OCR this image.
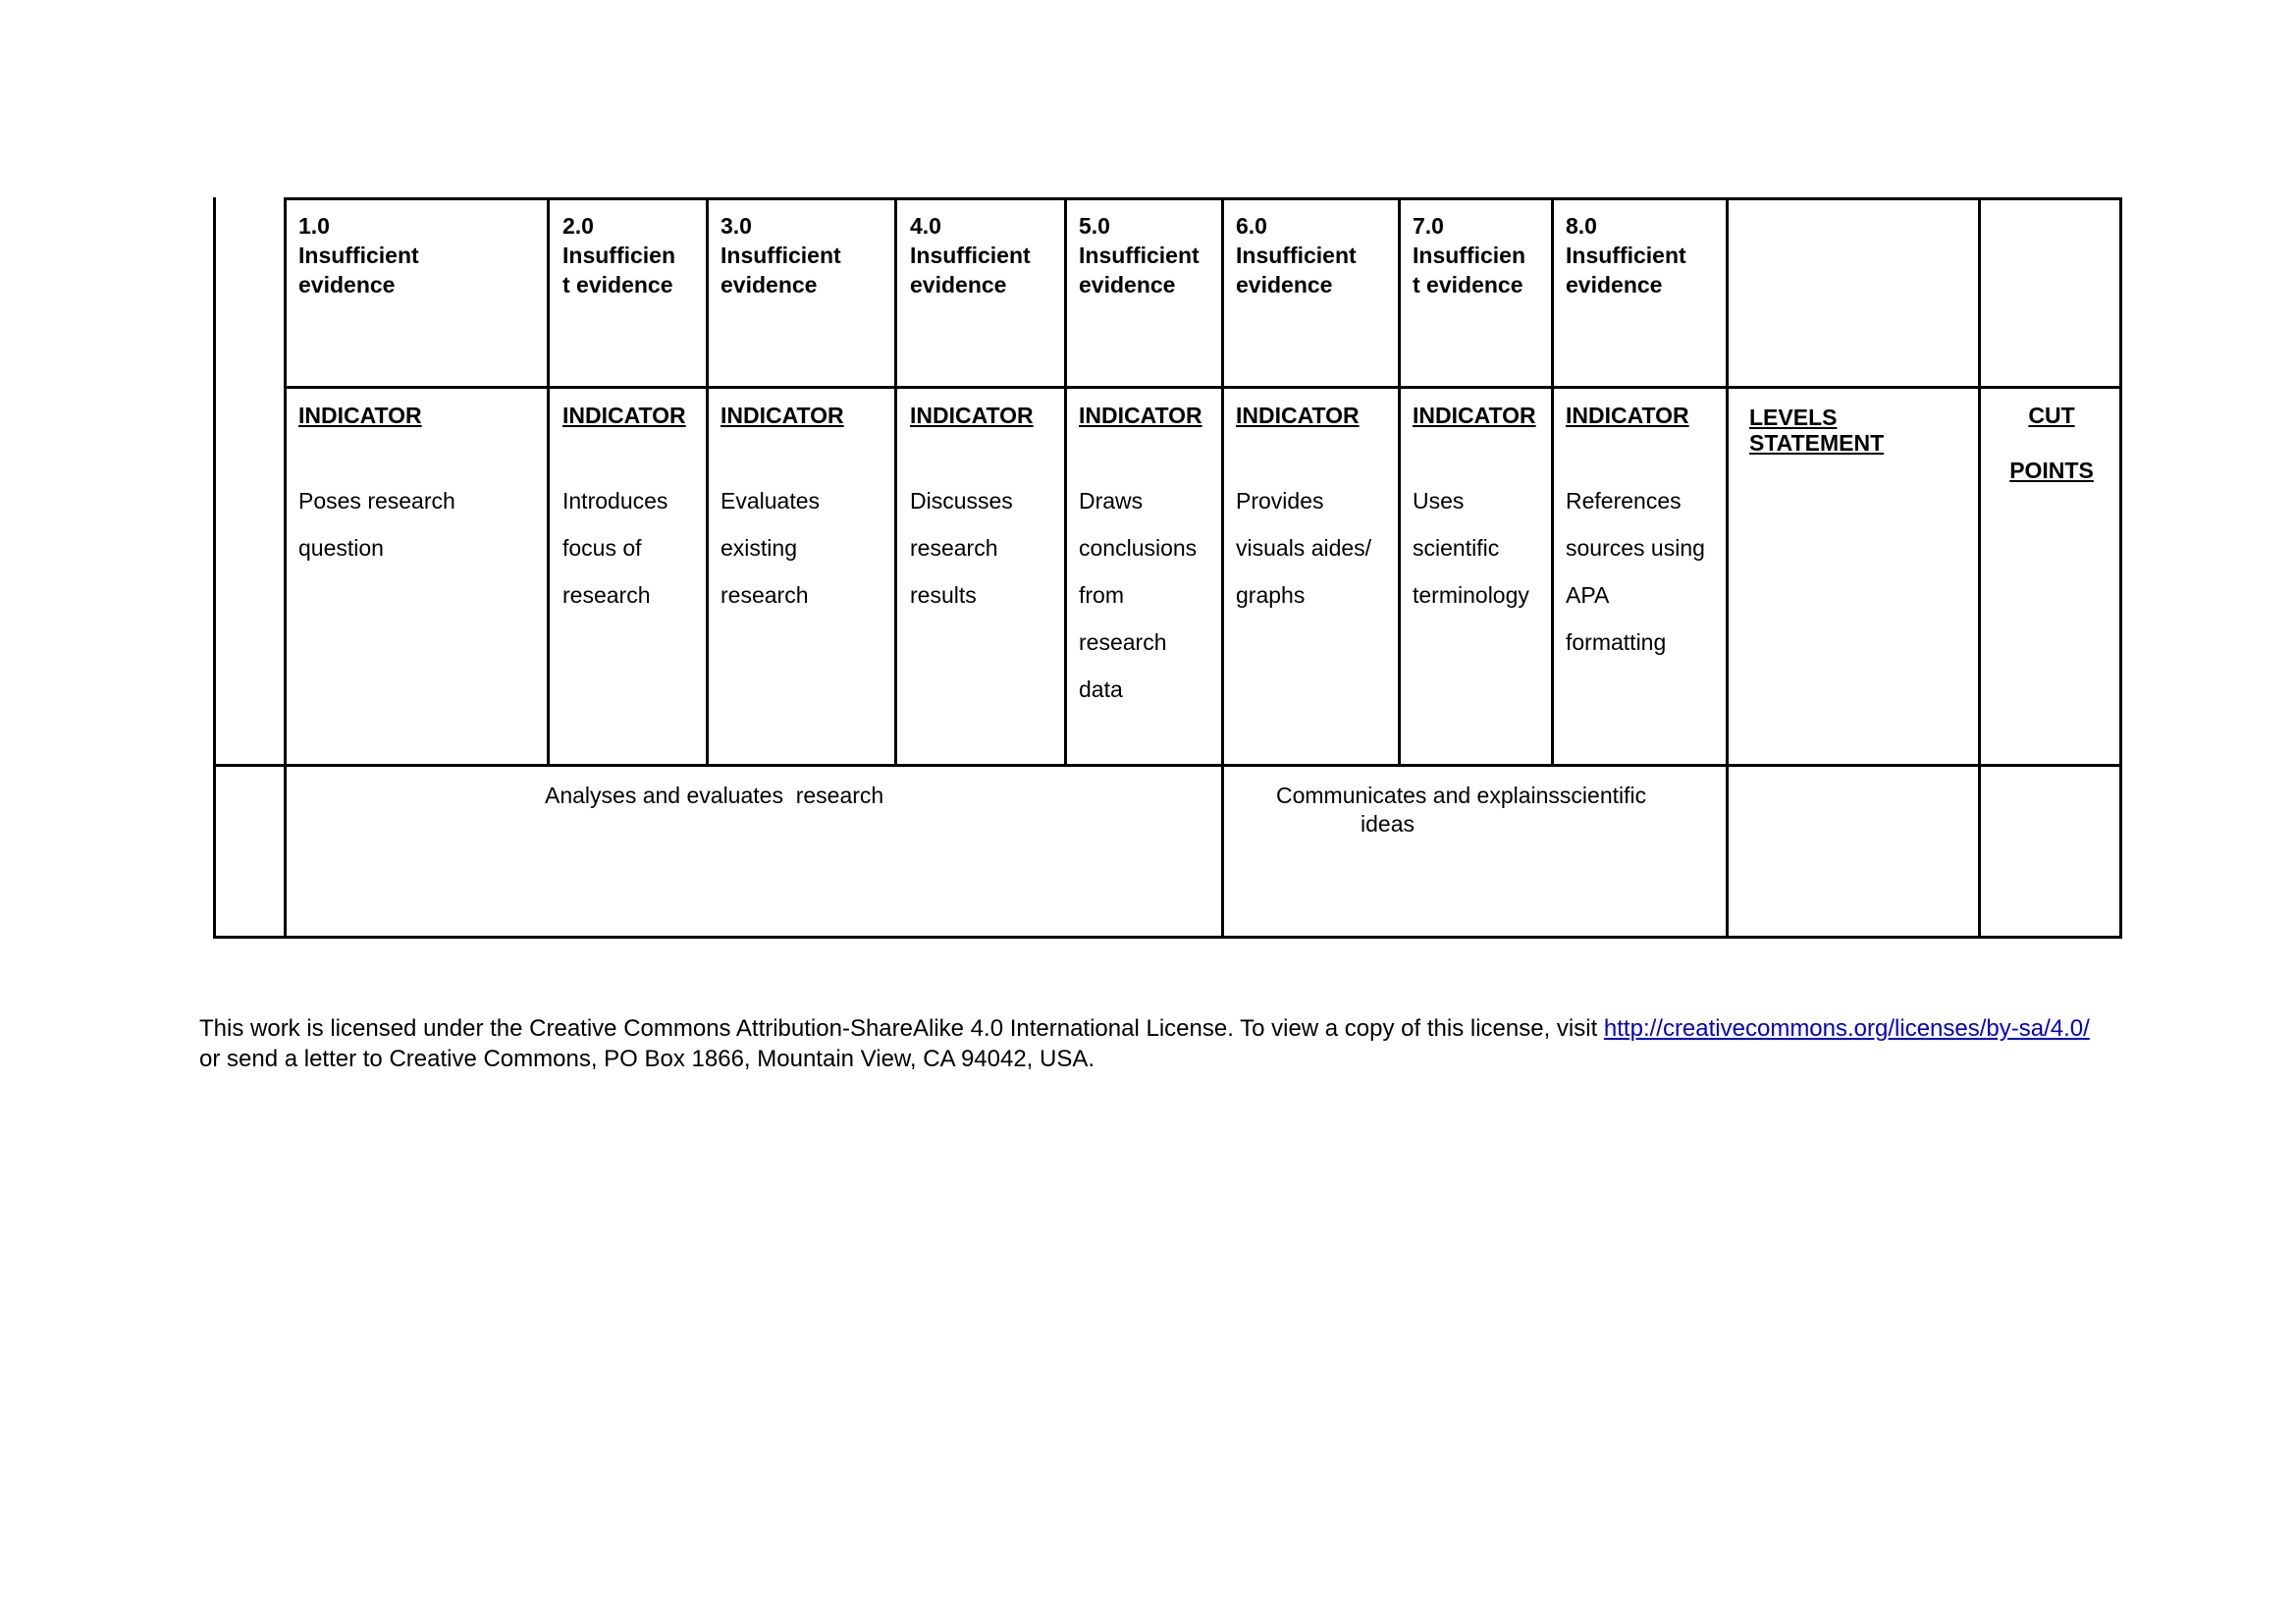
1.0
Insufficient
evidence
2.0
Insufficien
t evidence
3.0
Insufficient
evidence
4.0
Insufficient
evidence
5.0
Insufficient
evidence
6.0
Insufficient
evidence
7.0
Insufficien
t evidence
8.0
Insufficient
evidence
INDICATOR
Poses research
question
INDICATOR
Introduces
focus of
research
INDICATOR
Evaluates
existing
research
INDICATOR
Discusses
research
results
INDICATOR
Draws
conclusions
from
research
data
INDICATOR
Provides
visuals aides/
graphs
INDICATOR
Uses
scientific
terminology
INDICATOR
References
sources using
APA
formatting
LEVELS
STATEMENT
CUT
POINTS
Analyses and evaluates  research	Communicates and explainsscientific
ideas
This work is licensed under the Creative Commons Attribution-ShareAlike 4.0 International License. To view a copy of this license, visit http://creativecommons.org/licenses/by-sa/4.0/  or send a letter to Creative Commons, PO Box 1866, Mountain View, CA 94042, USA.
